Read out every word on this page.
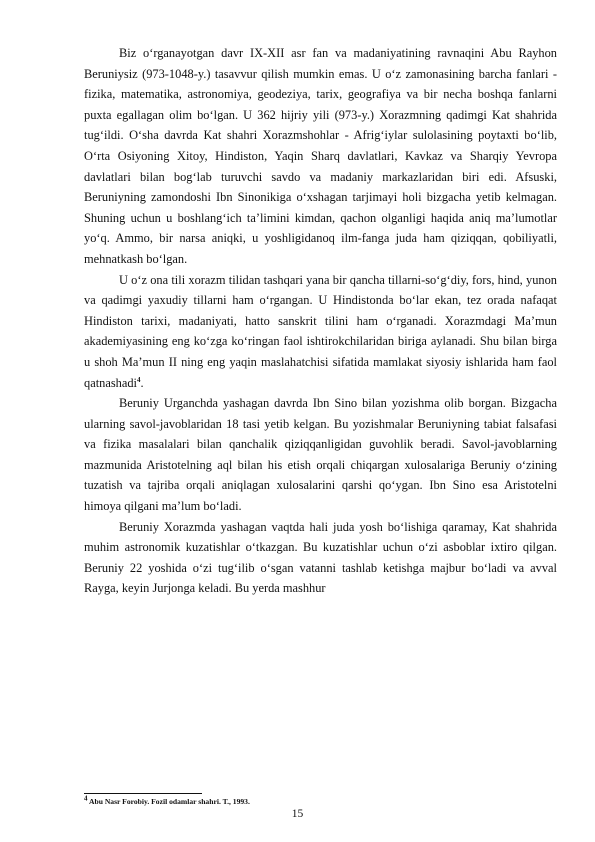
Biz o‘rganayotgan davr IX-XII asr fan va madaniyatining ravnaqini Abu Rayhon Beruniysiz (973-1048-y.) tasavvur qilish mumkin emas. U o‘z zamonasining barcha fanlari - fizika, matematika, astronomiya, geodeziya, tarix, geografiya va bir necha boshqa fanlarni puxta egallagan olim bo‘lgan. U 362 hijriy yili (973-y.) Xorazmning qadimgi Kat shahrida tug‘ildi. O‘sha davrda Kat shahri Xorazmshohlar - Afrig‘iylar sulolasining poytaxti bo‘lib, O‘rta Osiyoning Xitoy, Hindiston, Yaqin Sharq davlatlari, Kavkaz va Sharqiy Yevropa davlatlari bilan bog‘lab turuvchi savdo va madaniy markazlaridan biri edi. Afsuski, Beruniyning zamondoshi Ibn Sinonikiga o‘xshagan tarjimayi holi bizgacha yetib kelmagan. Shuning uchun u boshlang‘ich ta’limini kimdan, qachon olganligi haqida aniq ma’lumotlar yo‘q. Ammo, bir narsa aniqki, u yoshligidanoq ilm-fanga juda ham qiziqqan, qobiliyatli, mehnatkash bo‘lgan.

U o‘z ona tili xorazm tilidan tashqari yana bir qancha tillarni-so‘g‘diy, fors, hind, yunon va qadimgi yaxudiy tillarni ham o‘rgangan. U Hindistonda bo‘lar ekan, tez orada nafaqat Hindiston tarixi, madaniyati, hatto sanskrit tilini ham o‘rganadi. Xorazmdagi Ma’mun akademiyasining eng ko‘zga ko‘ringan faol ishtirokchilaridan biriga aylanadi. Shu bilan birga u shoh Ma’mun II ning eng yaqin maslahatchisi sifatida mamlakat siyosiy ishlarida ham faol qatnashadi$^4$.

Beruniy Urganchda yashagan davrda Ibn Sino bilan yozishma olib borgan. Bizgacha ularning savol-javoblaridan 18 tasi yetib kelgan. Bu yozishmalar Beruniyning tabiat falsafasi va fizika masalalari bilan qanchalik qiziqqanligidan guvohlik beradi. Savol-javoblarning mazmunida Aristotelning aql bilan his etish orqali chiqargan xulosalariga Beruniy o‘zining tuzatish va tajriba orqali aniqlagan xulosalarini qarshi qo‘ygan. Ibn Sino esa Aristotelni himoya qilgani ma’lum bo‘ladi.

Beruniy Xorazmda yashagan vaqtda hali juda yosh bo‘lishiga qaramay, Kat shahrida muhim astronomik kuzatishlar o‘tkazgan. Bu kuzatishlar uchun o‘zi asboblar ixtiro qilgan. Beruniy 22 yoshida o‘zi tug‘ilib o‘sgan vatanni tashlab ketishga majbur bo‘ladi va avval Rayga, keyin Jurjonga keladi. Bu yerda mashhur

$^4$ Abu Nasr Forobiy. Fozil odamlar shahri. T., 1993.
15
